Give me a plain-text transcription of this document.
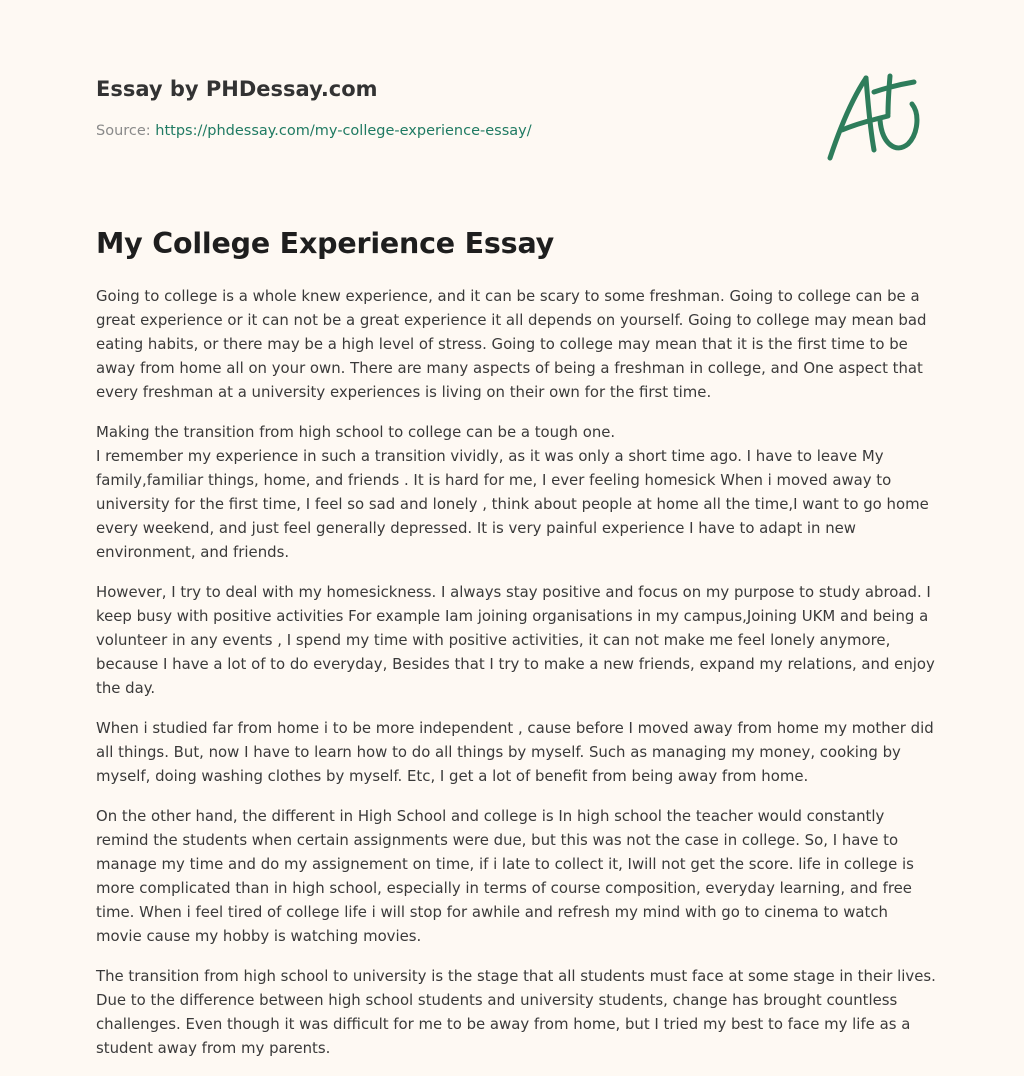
Essay by PHDessay.com
Source: https://phdessay.com/my-college-experience-essay/
My College Experience Essay

Going to college is a whole knew experience, and it can be scary to some freshman. Going to college can be a great experience or it can not be a great experience it all depends on yourself. Going to college may mean bad eating habits, or there may be a high level of stress. Going to college may mean that it is the first time to be away from home all on your own. There are many aspects of being a freshman in college, and One aspect that every freshman at a university experiences is living on their own for the first time.

Making the transition from high school to college can be a tough one.
I remember my experience in such a transition vividly, as it was only a short time ago. I have to leave My family,familiar things, home, and friends . It is hard for me, I ever feeling homesick When i moved away to university for the first time, I feel so sad and lonely , think about people at home all the time,I want to go home every weekend, and just feel generally depressed. It is very painful experience I have to adapt in new environment, and friends.

However, I try to deal with my homesickness. I always stay positive and focus on my purpose to study abroad. I keep busy with positive activities For example Iam joining organisations in my campus,Joining UKM and being a volunteer in any events , I spend my time with positive activities, it can not make me feel lonely anymore, because I have a lot of to do everyday, Besides that I try to make a new friends, expand my relations, and enjoy the day.

When i studied far from home i to be more independent , cause before I moved away from home my mother did all things. But, now I have to learn how to do all things by myself. Such as managing my money, cooking by myself, doing washing clothes by myself. Etc, I get a lot of benefit from being away from home.

On the other hand, the different in High School and college is In high school the teacher would constantly remind the students when certain assignments were due, but this was not the case in college. So, I have to manage my time and do my assignement on time, if i late to collect it, Iwill not get the score. life in college is more complicated than in high school, especially in terms of course composition, everyday learning, and free time. When i feel tired of college life i will stop for awhile and refresh my mind with go to cinema to watch movie cause my hobby is watching movies.

The transition from high school to university is the stage that all students must face at some stage in their lives. Due to the difference between high school students and university students, change has brought countless challenges. Even though it was difficult for me to be away from home, but I tried my best to face my life as a student away from my parents.
